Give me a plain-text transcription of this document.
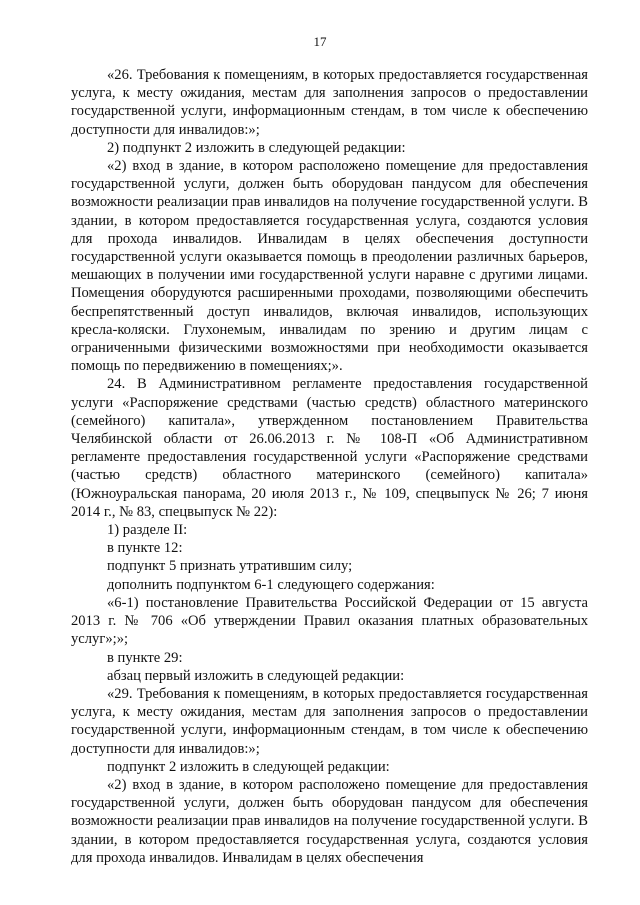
17

«26. Требования к помещениям, в которых предоставляется государственная услуга, к месту ожидания, местам для заполнения запросов о предоставлении государственной услуги, информационным стендам, в том числе к обеспечению доступности для инвалидов:»;

2) подпункт 2 изложить в следующей редакции:

«2) вход в здание, в котором расположено помещение для предоставления государственной услуги, должен быть оборудован пандусом для обеспечения возможности реализации прав инвалидов на получение государственной услуги. В здании, в котором предоставляется государственная услуга, создаются условия для прохода инвалидов. Инвалидам в целях обеспечения доступности государственной услуги оказывается помощь в преодолении различных барьеров, мешающих в получении ими государственной услуги наравне с другими лицами. Помещения оборудуются расширенными проходами, позволяющими обеспечить беспрепятственный доступ инвалидов, включая инвалидов, использующих кресла-коляски. Глухонемым, инвалидам по зрению и другим лицам с ограниченными физическими возможностями при необходимости оказывается помощь по передвижению в помещениях;».

24. В Административном регламенте предоставления государственной услуги «Распоряжение средствами (частью средств) областного материнского (семейного) капитала», утвержденном постановлением Правительства Челябинской области от 26.06.2013 г. № 108-П «Об Административном регламенте предоставления государственной услуги «Распоряжение средствами (частью средств) областного материнского (семейного) капитала» (Южноуральская панорама, 20 июля 2013 г., № 109, спецвыпуск № 26; 7 июня 2014 г., № 83, спецвыпуск № 22):

1) разделе II:

в пункте 12:

подпункт 5 признать утратившим силу;

дополнить подпунктом 6-1 следующего содержания:

«6-1) постановление Правительства Российской Федерации от 15 августа 2013 г. № 706 «Об утверждении Правил оказания платных образовательных услуг»;»;

в пункте 29:

абзац первый изложить в следующей редакции:

«29. Требования к помещениям, в которых предоставляется государственная услуга, к месту ожидания, местам для заполнения запросов о предоставлении государственной услуги, информационным стендам, в том числе к обеспечению доступности для инвалидов:»;

подпункт 2 изложить в следующей редакции:

«2) вход в здание, в котором расположено помещение для предоставления государственной услуги, должен быть оборудован пандусом для обеспечения возможности реализации прав инвалидов на получение государственной услуги. В здании, в котором предоставляется государственная услуга, создаются условия для прохода инвалидов. Инвалидам в целях обеспечения
